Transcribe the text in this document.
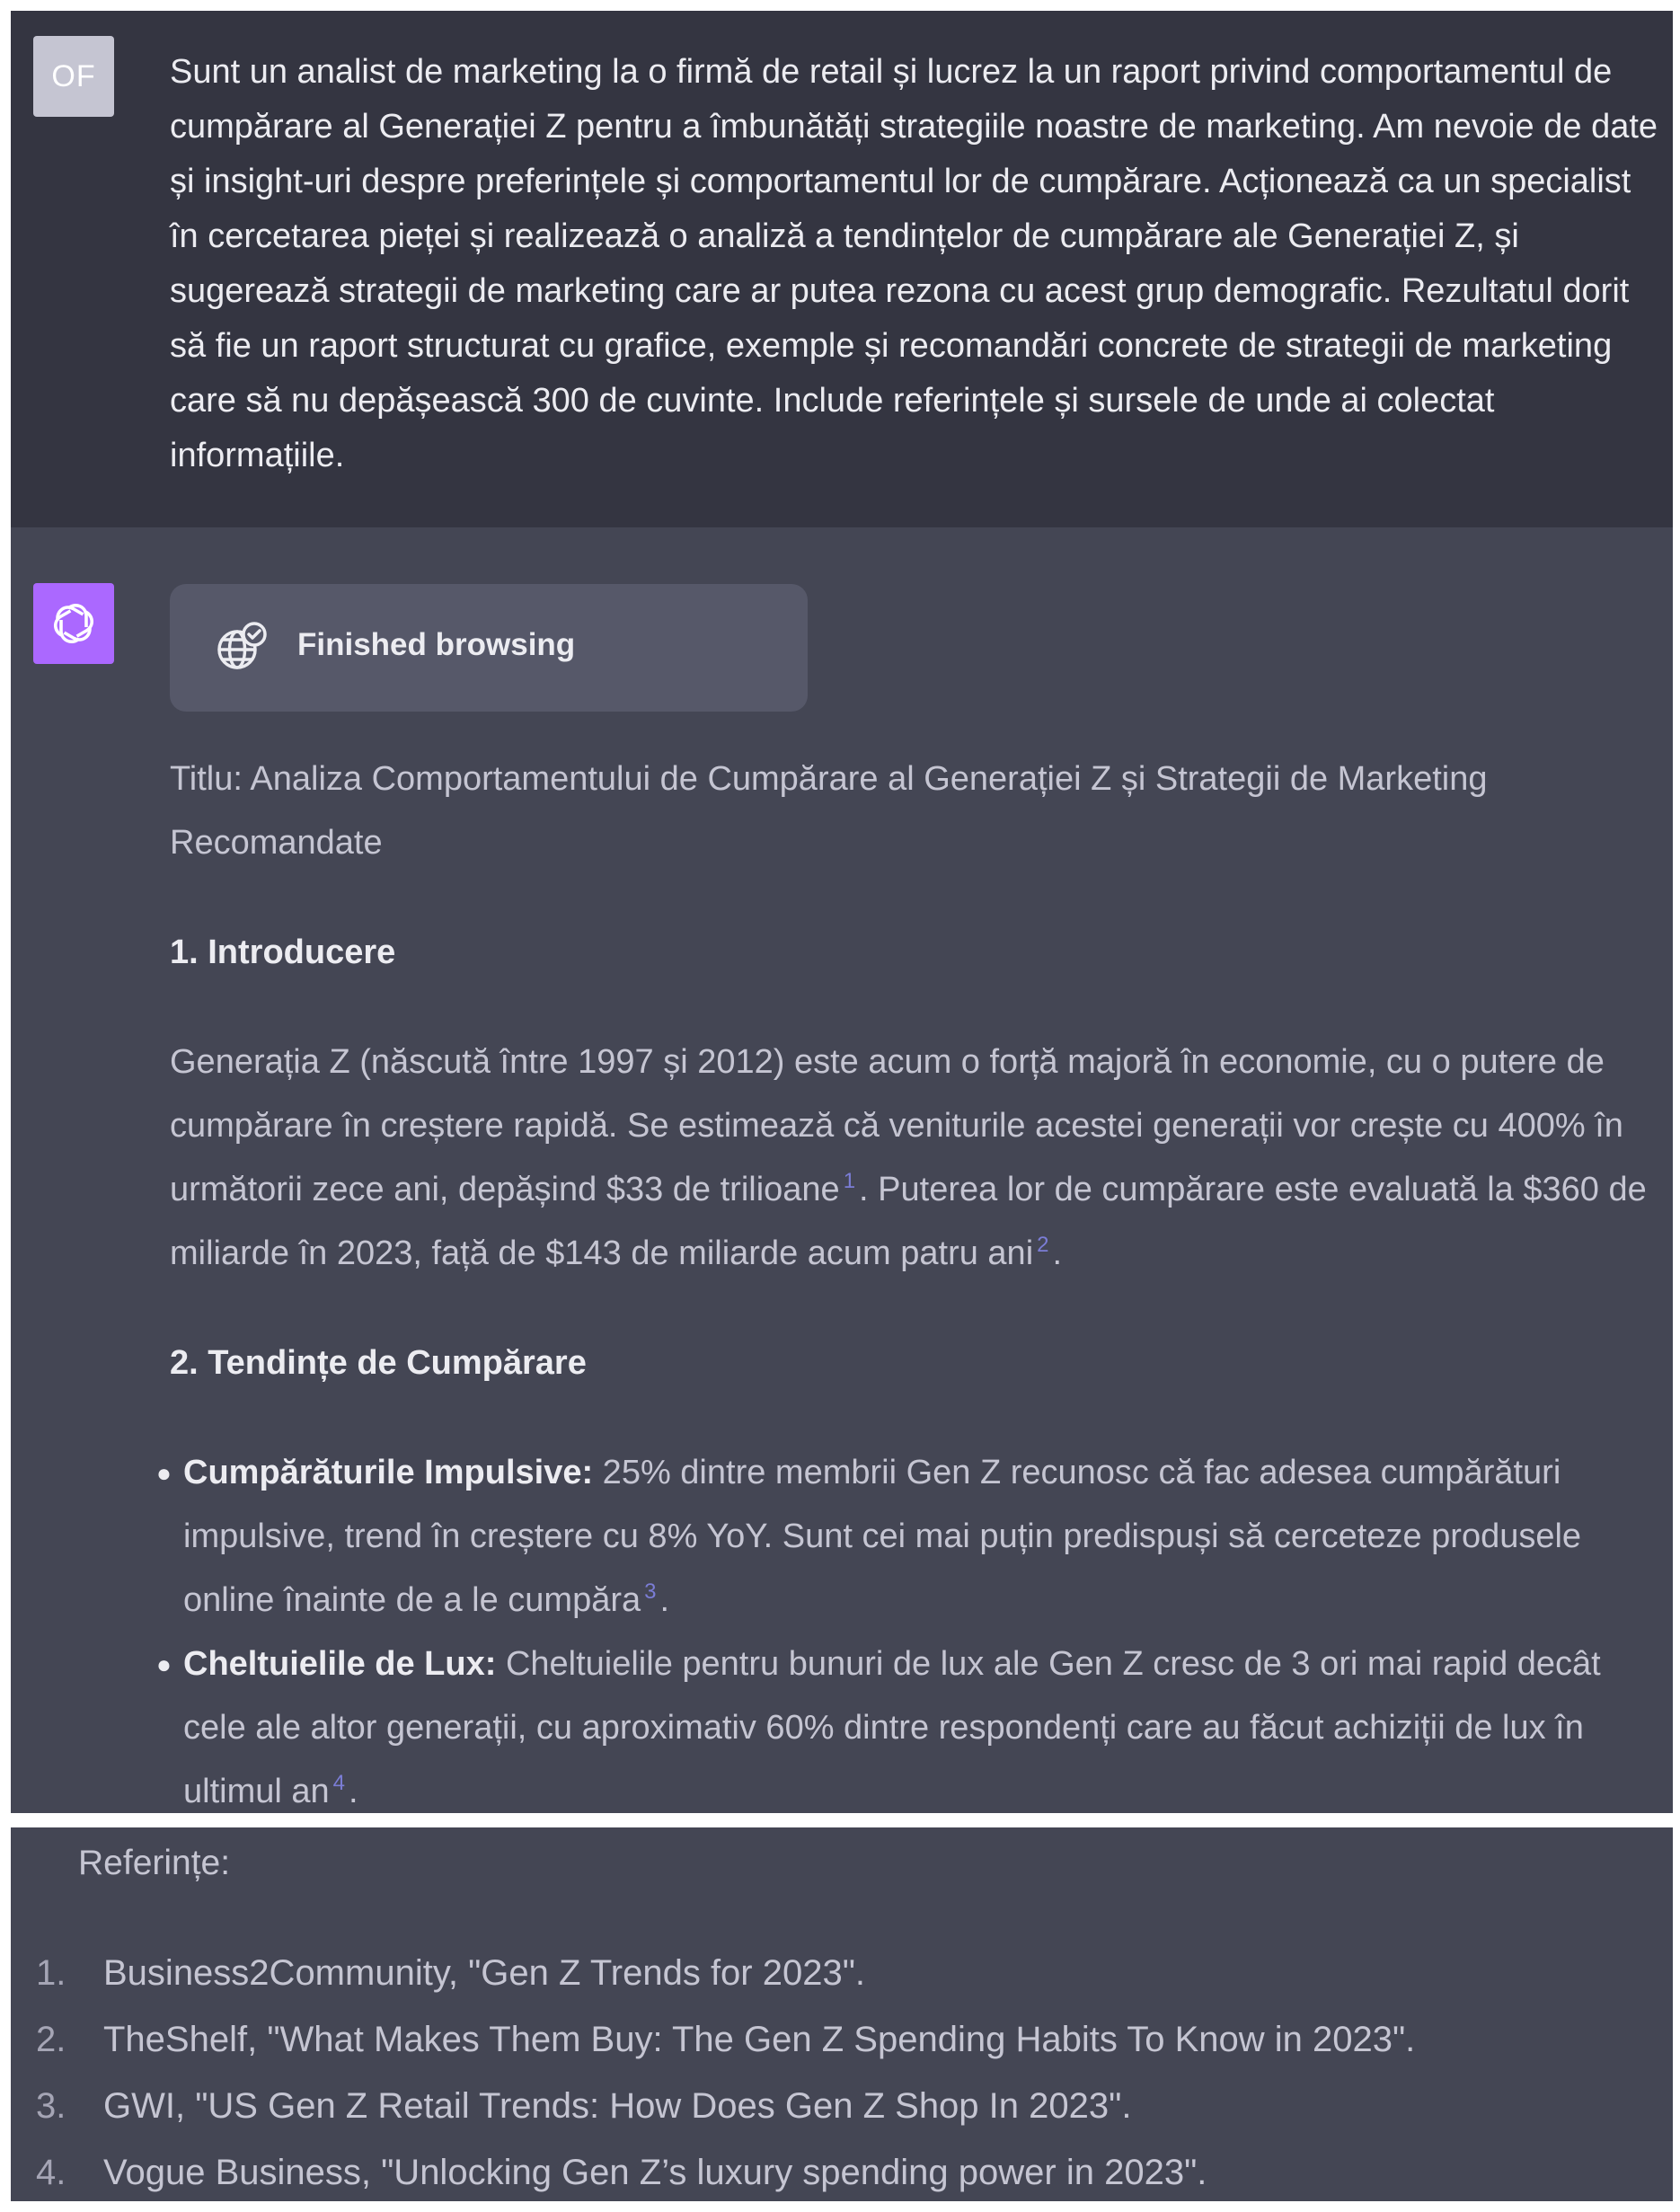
OF	Sunt un analist de marketing la o firmă de retail și lucrez la un raport privind comportamentul de cumpărare al Generației Z pentru a îmbunătăți strategiile noastre de marketing. Am nevoie de date și insight-uri despre preferințele și comportamentul lor de cumpărare. Acționează ca un specialist în cercetarea pieței și realizează o analiză a tendințelor de cumpărare ale Generației Z, și sugerează strategii de marketing care ar putea rezona cu acest grup demografic. Rezultatul dorit să fie un raport structurat cu grafice, exemple și recomandări concrete de strategii de marketing care să nu depășească 300 de cuvinte. Include referințele și sursele de unde ai colectat informațiile.
Finished browsing

Titlu: Analiza Comportamentului de Cumpărare al Generației Z și Strategii de Marketing Recomandate

1. Introducere

Generația Z (născută între 1997 și 2012) este acum o forță majoră în economie, cu o putere de cumpărare în creștere rapidă. Se estimează că veniturile acestei generații vor crește cu 400% în următorii zece ani, depășind $33 de trilioane $^1$ . Puterea lor de cumpărare este evaluată la $360 de miliarde în 2023, față de $143 de miliarde acum patru ani $^2$ .

2. Tendințe de Cumpărare
● Cumpărăturile Impulsive: 25% dintre membrii Gen Z recunosc că fac adesea cumpărături impulsive, trend în creștere cu 8% YoY. Sunt cei mai puțin predispuși să cerceteze produsele online înainte de a le cumpăra $^3$ .
● Cheltuielile de Lux: Cheltuielile pentru bunuri de lux ale Gen Z cresc de 3 ori mai rapid decât cele ale altor generații, cu aproximativ 60% dintre respondenți care au făcut achiziții de lux în ultimul an $^4$ .
Referințe:
1.	Business2Community, "Gen Z Trends for 2023".
2.	TheShelf, "What Makes Them Buy: The Gen Z Spending Habits To Know in 2023".
3.	GWI, "US Gen Z Retail Trends: How Does Gen Z Shop In 2023".
4.	Vogue Business, "Unlocking Gen Z’s luxury spending power in 2023".
